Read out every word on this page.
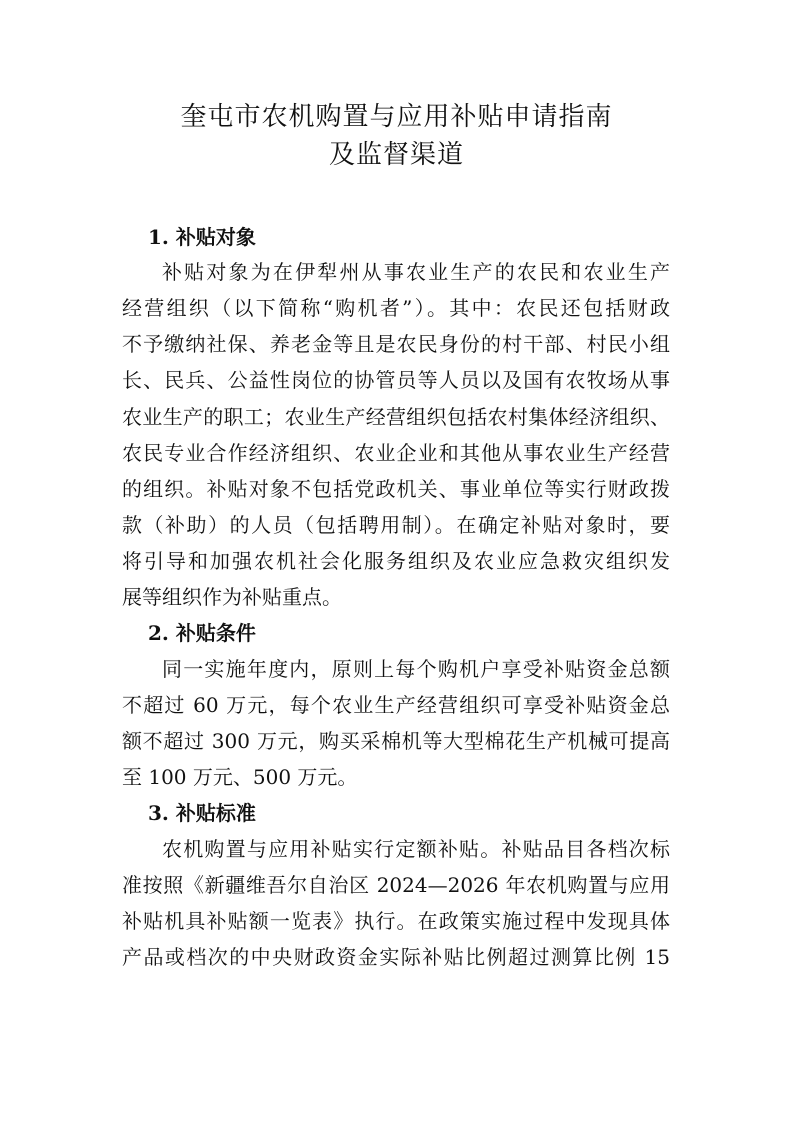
奎屯市农机购置与应用补贴申请指南
及监督渠道
1. 补贴对象
补贴对象为在伊犁州从事农业生产的农民和农业生产
经营组织（以下简称“购机者”）。其中：农民还包括财政
不予缴纳社保、养老金等且是农民身份的村干部、村民小组
长、民兵、公益性岗位的协管员等人员以及国有农牧场从事
农业生产的职工；农业生产经营组织包括农村集体经济组织、
农民专业合作经济组织、农业企业和其他从事农业生产经营
的组织。补贴对象不包括党政机关、事业单位等实行财政拨
款（补助）的人员（包括聘用制）。在确定补贴对象时，要
将引导和加强农机社会化服务组织及农业应急救灾组织发
展等组织作为补贴重点。
2. 补贴条件
同一实施年度内，原则上每个购机户享受补贴资金总额
不超过 60 万元，每个农业生产经营组织可享受补贴资金总
额不超过 300 万元，购买采棉机等大型棉花生产机械可提高
至 100 万元、500 万元。
3. 补贴标准
农机购置与应用补贴实行定额补贴。补贴品目各档次标
准按照《新疆维吾尔自治区 2024—2026 年农机购置与应用
补贴机具补贴额一览表》执行。在政策实施过程中发现具体
产品或档次的中央财政资金实际补贴比例超过测算比例 15
